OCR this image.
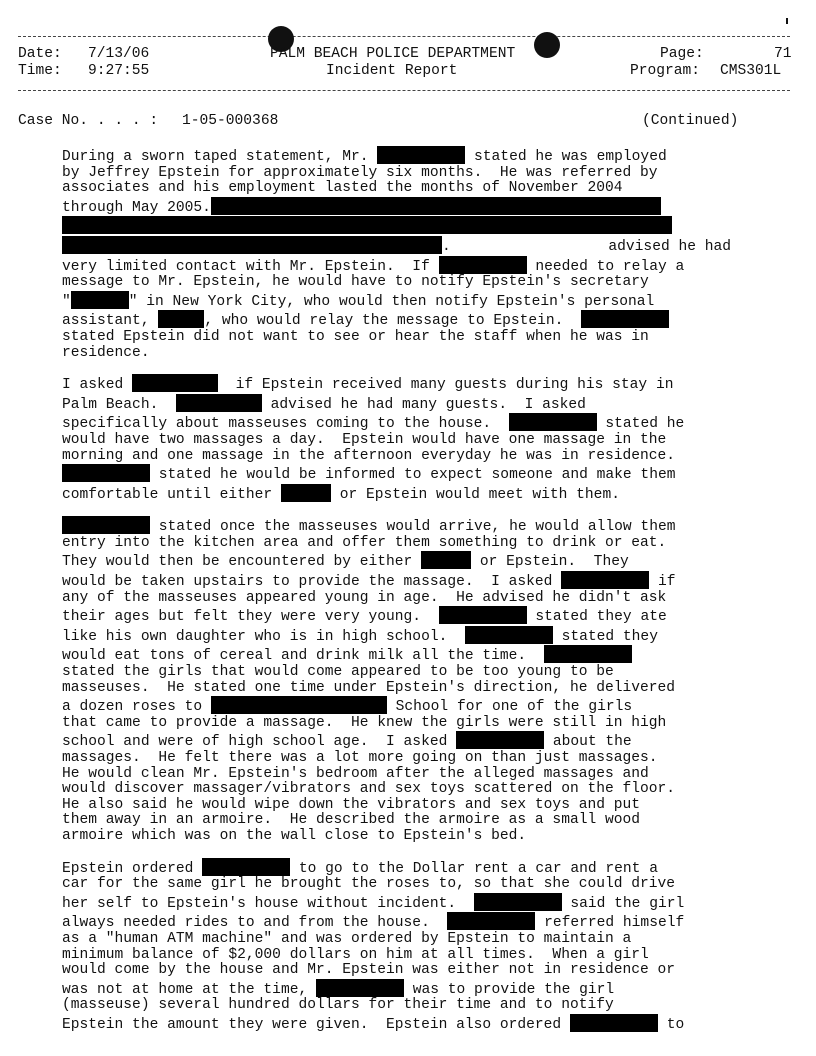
Date: 7/13/06
Time: 9:27:55
PALM BEACH POLICE DEPARTMENT
Incident Report
Page:	71
Program: CMS301L
Case No. . . . : 1-05-000368	(Continued)
During a sworn taped statement, Mr.	stated he was employed
by Jeffrey Epstein for approximately six months.  He was referred by
associates and his employment lasted the months of November 2004
through May 2005.
.                  advised he had
very limited contact with Mr. Epstein.  If	needed to relay a
message to Mr. Epstein, he would have to notify Epstein's secretary
"	" in New York City, who would then notify Epstein's personal
assistant,	, who would relay the message to Epstein.
stated Epstein did not want to see or hear the staff when he was in
residence.
I asked	if Epstein received many guests during his stay in
Palm Beach.	advised he had many guests.  I asked
specifically about masseuses coming to the house.	stated he
would have two massages a day.  Epstein would have one massage in the
morning and one massage in the afternoon everyday he was in residence.
stated he would be informed to expect someone and make them
comfortable until either	or Epstein would meet with them.
stated once the masseuses would arrive, he would allow them
entry into the kitchen area and offer them something to drink or eat.
They would then be encountered by either	or Epstein.  They
would be taken upstairs to provide the massage.  I asked	if
any of the masseuses appeared young in age.  He advised he didn't ask
their ages but felt they were very young.	stated they ate
like his own daughter who is in high school.	stated they
would eat tons of cereal and drink milk all the time.
stated the girls that would come appeared to be too young to be
masseuses.  He stated one time under Epstein's direction, he delivered
a dozen roses to	School for one of the girls
that came to provide a massage.  He knew the girls were still in high
school and were of high school age.  I asked	about the
massages.  He felt there was a lot more going on than just massages.
He would clean Mr. Epstein's bedroom after the alleged massages and
would discover massager/vibrators and sex toys scattered on the floor.
He also said he would wipe down the vibrators and sex toys and put
them away in an armoire.  He described the armoire as a small wood
armoire which was on the wall close to Epstein's bed.
Epstein ordered	to go to the Dollar rent a car and rent a
car for the same girl he brought the roses to, so that she could drive
her self to Epstein's house without incident.	said the girl
always needed rides to and from the house.	referred himself
as a "human ATM machine" and was ordered by Epstein to maintain a
minimum balance of $2,000 dollars on him at all times.  When a girl
would come by the house and Mr. Epstein was either not in residence or
was not at home at the time,	was to provide the girl
(masseuse) several hundred dollars for their time and to notify
Epstein the amount they were given.  Epstein also ordered	to
